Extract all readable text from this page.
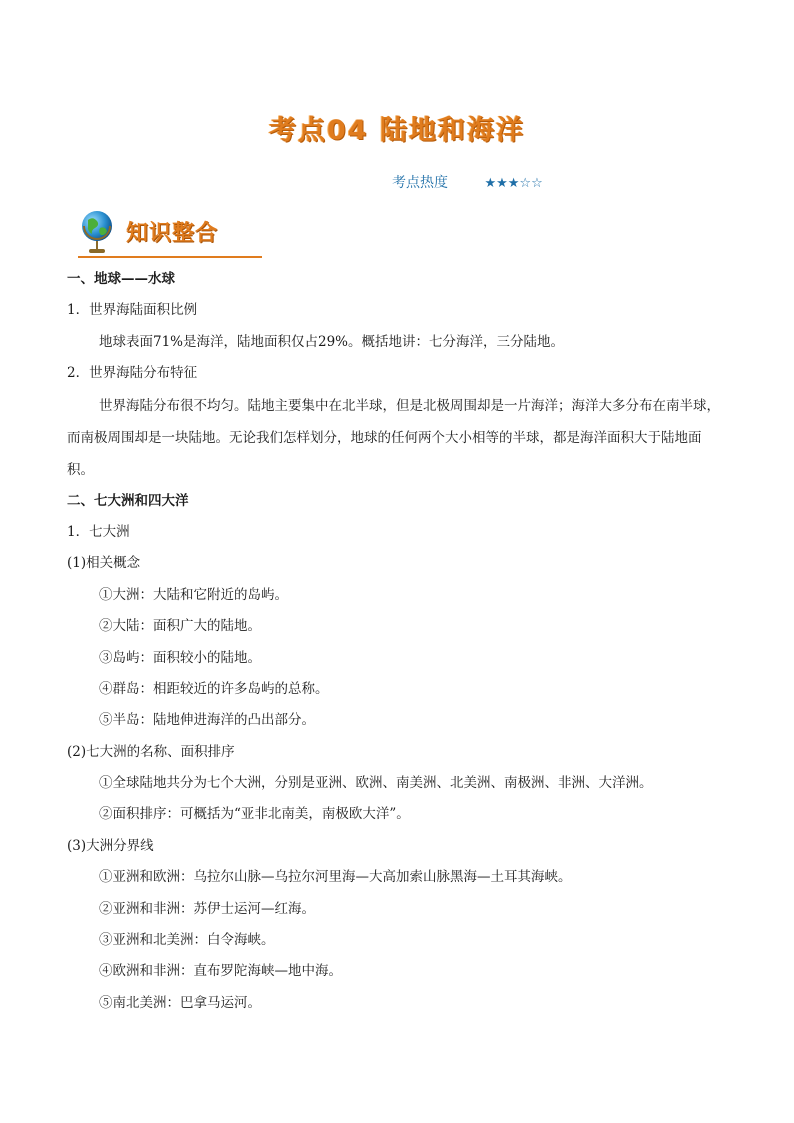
考点04 陆地和海洋
考点热度	★★★☆☆
知识整合
一、地球——水球
1．世界海陆面积比例
地球表面71%是海洋，陆地面积仅占29%。概括地讲：七分海洋，三分陆地。
2．世界海陆分布特征

世界海陆分布很不均匀。陆地主要集中在北半球，但是北极周围却是一片海洋；海洋大多分布在南半球，而南极周围却是一块陆地。无论我们怎样划分，地球的任何两个大小相等的半球，都是海洋面积大于陆地面积。

二、七大洲和四大洋
1．七大洲
(1)相关概念
①大洲：大陆和它附近的岛屿。
②大陆：面积广大的陆地。
③岛屿：面积较小的陆地。
④群岛：相距较近的许多岛屿的总称。
⑤半岛：陆地伸进海洋的凸出部分。
(2)七大洲的名称、面积排序
①全球陆地共分为七个大洲，分别是亚洲、欧洲、南美洲、北美洲、南极洲、非洲、大洋洲。
②面积排序：可概括为“亚非北南美，南极欧大洋”。
(3)大洲分界线
①亚洲和欧洲：乌拉尔山脉—乌拉尔河里海—大高加索山脉黑海—土耳其海峡。
②亚洲和非洲：苏伊士运河—红海。
③亚洲和北美洲：白令海峡。
④欧洲和非洲：直布罗陀海峡—地中海。
⑤南北美洲：巴拿马运河。
